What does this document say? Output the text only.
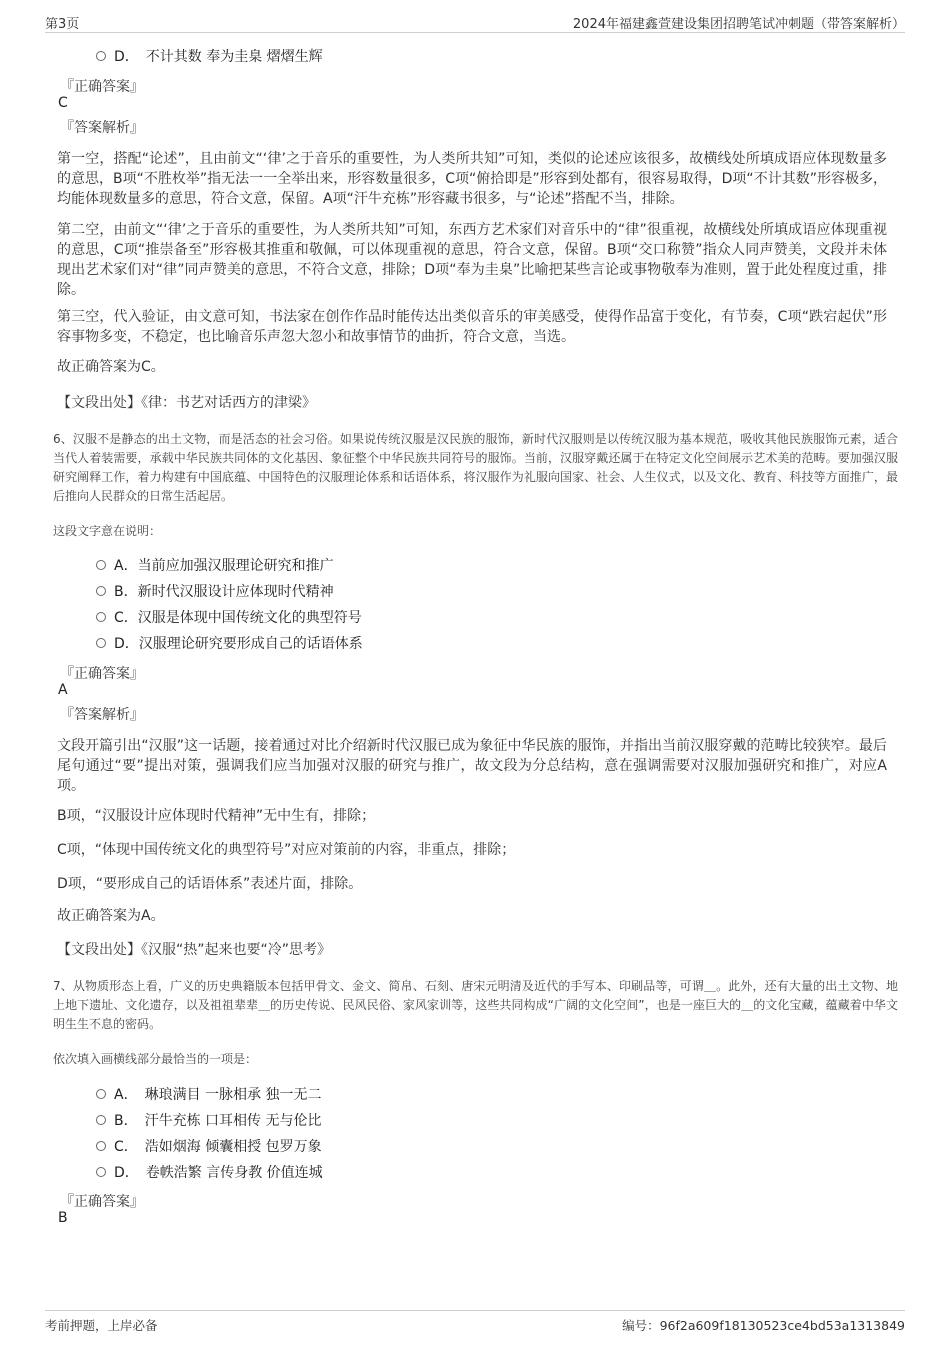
第3页	2024年福建鑫萱建设集团招聘笔试冲刺题（带答案解析）
D．　不计其数 奉为圭臬 熠熠生辉
『正确答案』
C
『答案解析』
第一空，搭配“论述”，且由前文“‘律’之于音乐的重要性，为人类所共知”可知，类似的论述应该很多，故横线处所填成语应体现数量多的意思，B项“不胜枚举”指无法一一全举出来，形容数量很多，C项“俯拾即是”形容到处都有，很容易取得，D项“不计其数”形容极多，均能体现数量多的意思，符合文意，保留。A项“汗牛充栋”形容藏书很多，与“论述”搭配不当，排除。
第二空，由前文“‘律’之于音乐的重要性，为人类所共知”可知，东西方艺术家们对音乐中的“律”很重视，故横线处所填成语应体现重视的意思，C项“推崇备至”形容极其推重和敬佩，可以体现重视的意思，符合文意，保留。B项“交口称赞”指众人同声赞美，文段并未体现出艺术家们对“律”同声赞美的意思，不符合文意，排除；D项“奉为圭臬”比喻把某些言论或事物敬奉为准则，置于此处程度过重，排除。
第三空，代入验证，由文意可知，书法家在创作作品时能传达出类似音乐的审美感受，使得作品富于变化，有节奏，C项“跌宕起伏”形容事物多变，不稳定，也比喻音乐声忽大忽小和故事情节的曲折，符合文意，当选。
故正确答案为C。
【文段出处】《律：书艺对话西方的津梁》
6、汉服不是静态的出土文物，而是活态的社会习俗。如果说传统汉服是汉民族的服饰，新时代汉服则是以传统汉服为基本规范，吸收其他民族服饰元素，适合当代人着装需要，承载中华民族共同体的文化基因、象征整个中华民族共同符号的服饰。当前，汉服穿戴还属于在特定文化空间展示艺术美的范畴。要加强汉服研究阐释工作，着力构建有中国底蕴、中国特色的汉服理论体系和话语体系，将汉服作为礼服向国家、社会、人生仪式，以及文化、教育、科技等方面推广，最后推向人民群众的日常生活起居。
这段文字意在说明：
A．当前应加强汉服理论研究和推广
B．新时代汉服设计应体现时代精神
C．汉服是体现中国传统文化的典型符号
D．汉服理论研究要形成自己的话语体系
『正确答案』
A
『答案解析』
文段开篇引出“汉服”这一话题，接着通过对比介绍新时代汉服已成为象征中华民族的服饰，并指出当前汉服穿戴的范畴比较狭窄。最后尾句通过“要”提出对策，强调我们应当加强对汉服的研究与推广，故文段为分总结构，意在强调需要对汉服加强研究和推广，对应A项。
B项，“汉服设计应体现时代精神”无中生有，排除；
C项，“体现中国传统文化的典型符号”对应对策前的内容，非重点，排除；
D项，“要形成自己的话语体系”表述片面，排除。
故正确答案为A。
【文段出处】《汉服“热”起来也要“冷”思考》
7、从物质形态上看，广义的历史典籍版本包括甲骨文、金文、简帛、石刻、唐宋元明清及近代的手写本、印刷品等，可谓＿。此外，还有大量的出土文物、地上地下遗址、文化遗存，以及祖祖辈辈＿的历史传说、民风民俗、家风家训等，这些共同构成“广阔的文化空间”，也是一座巨大的＿的文化宝藏，蕴藏着中华文明生生不息的密码。
依次填入画横线部分最恰当的一项是：
A．　琳琅满目 一脉相承 独一无二
B．　汗牛充栋 口耳相传 无与伦比
C．　浩如烟海 倾囊相授 包罗万象
D．　卷帙浩繁 言传身教 价值连城
『正确答案』
B
考前押题，上岸必备	编号：96f2a609f18130523ce4bd53a1313849
